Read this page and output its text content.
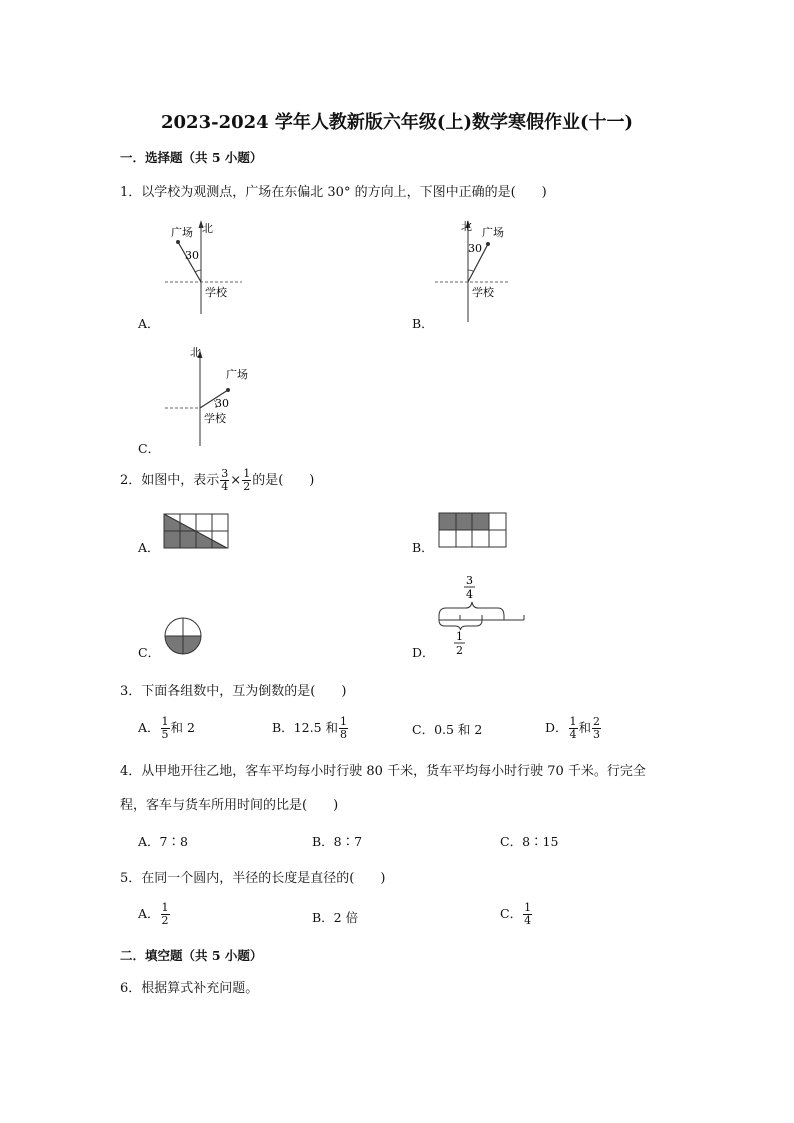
2023-2024 学年人教新版六年级(上)数学寒假作业(十一)
一．选择题（共 5 小题）
1．以学校为观测点，广场在东偏北 30° 的方向上，下图中正确的是(　　)
北
广场
30
学校
A．
北 广场
30
学校
B．
北
广场
30
学校
C．
2．如图中，表示 $\frac{3}{4} \times \frac{1}{2}$ 的是(　　)
A．	B．
C．
3
4
1
2
D．
3．下面各组数中，互为倒数的是(　　)
A． $\frac{1}{5}$ 和 2	B．12.5 和 $\frac{1}{8}$	C．0.5 和 2	D． $\frac{1}{4}$ 和 $\frac{2}{3}$
4．从甲地开往乙地，客车平均每小时行驶 80 千米，货车平均每小时行驶 70 千米。行完全
程，客车与货车所用时间的比是(　　)
A．7∶8	B．8∶7	C．8∶15
5．在同一个圆内，半径的长度是直径的(　　)
A． $\frac{1}{2}$	B．2 倍	C． $\frac{1}{4}$
二．填空题（共 5 小题）
6．根据算式补充问题。
